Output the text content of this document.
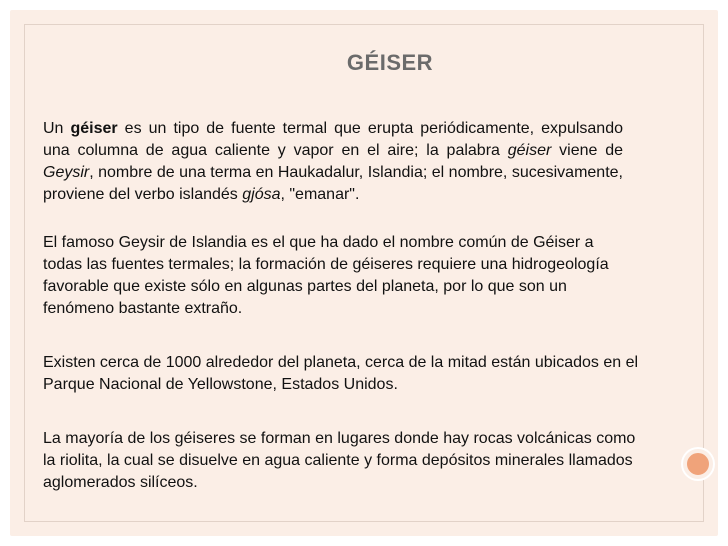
GÉISER
Un géiser es un tipo de fuente termal que erupta periódicamente, expulsando una columna de agua caliente y vapor en el aire; la palabra géiser viene de Geysir, nombre de una terma en Haukadalur, Islandia; el nombre, sucesivamente, proviene del verbo islandés gjósa, "emanar".
El famoso Geysir de Islandia es el que ha dado el nombre común de Géiser a todas las fuentes termales; la formación de géiseres requiere una hidrogeología favorable que existe sólo en algunas partes del planeta, por lo que son un fenómeno bastante extraño.
Existen cerca de 1000 alrededor del planeta, cerca de la mitad están ubicados en el Parque Nacional de Yellowstone, Estados Unidos.
La mayoría de los géiseres se forman en lugares donde hay rocas volcánicas como la riolita, la cual se disuelve en agua caliente y forma depósitos minerales llamados aglomerados silíceos.
